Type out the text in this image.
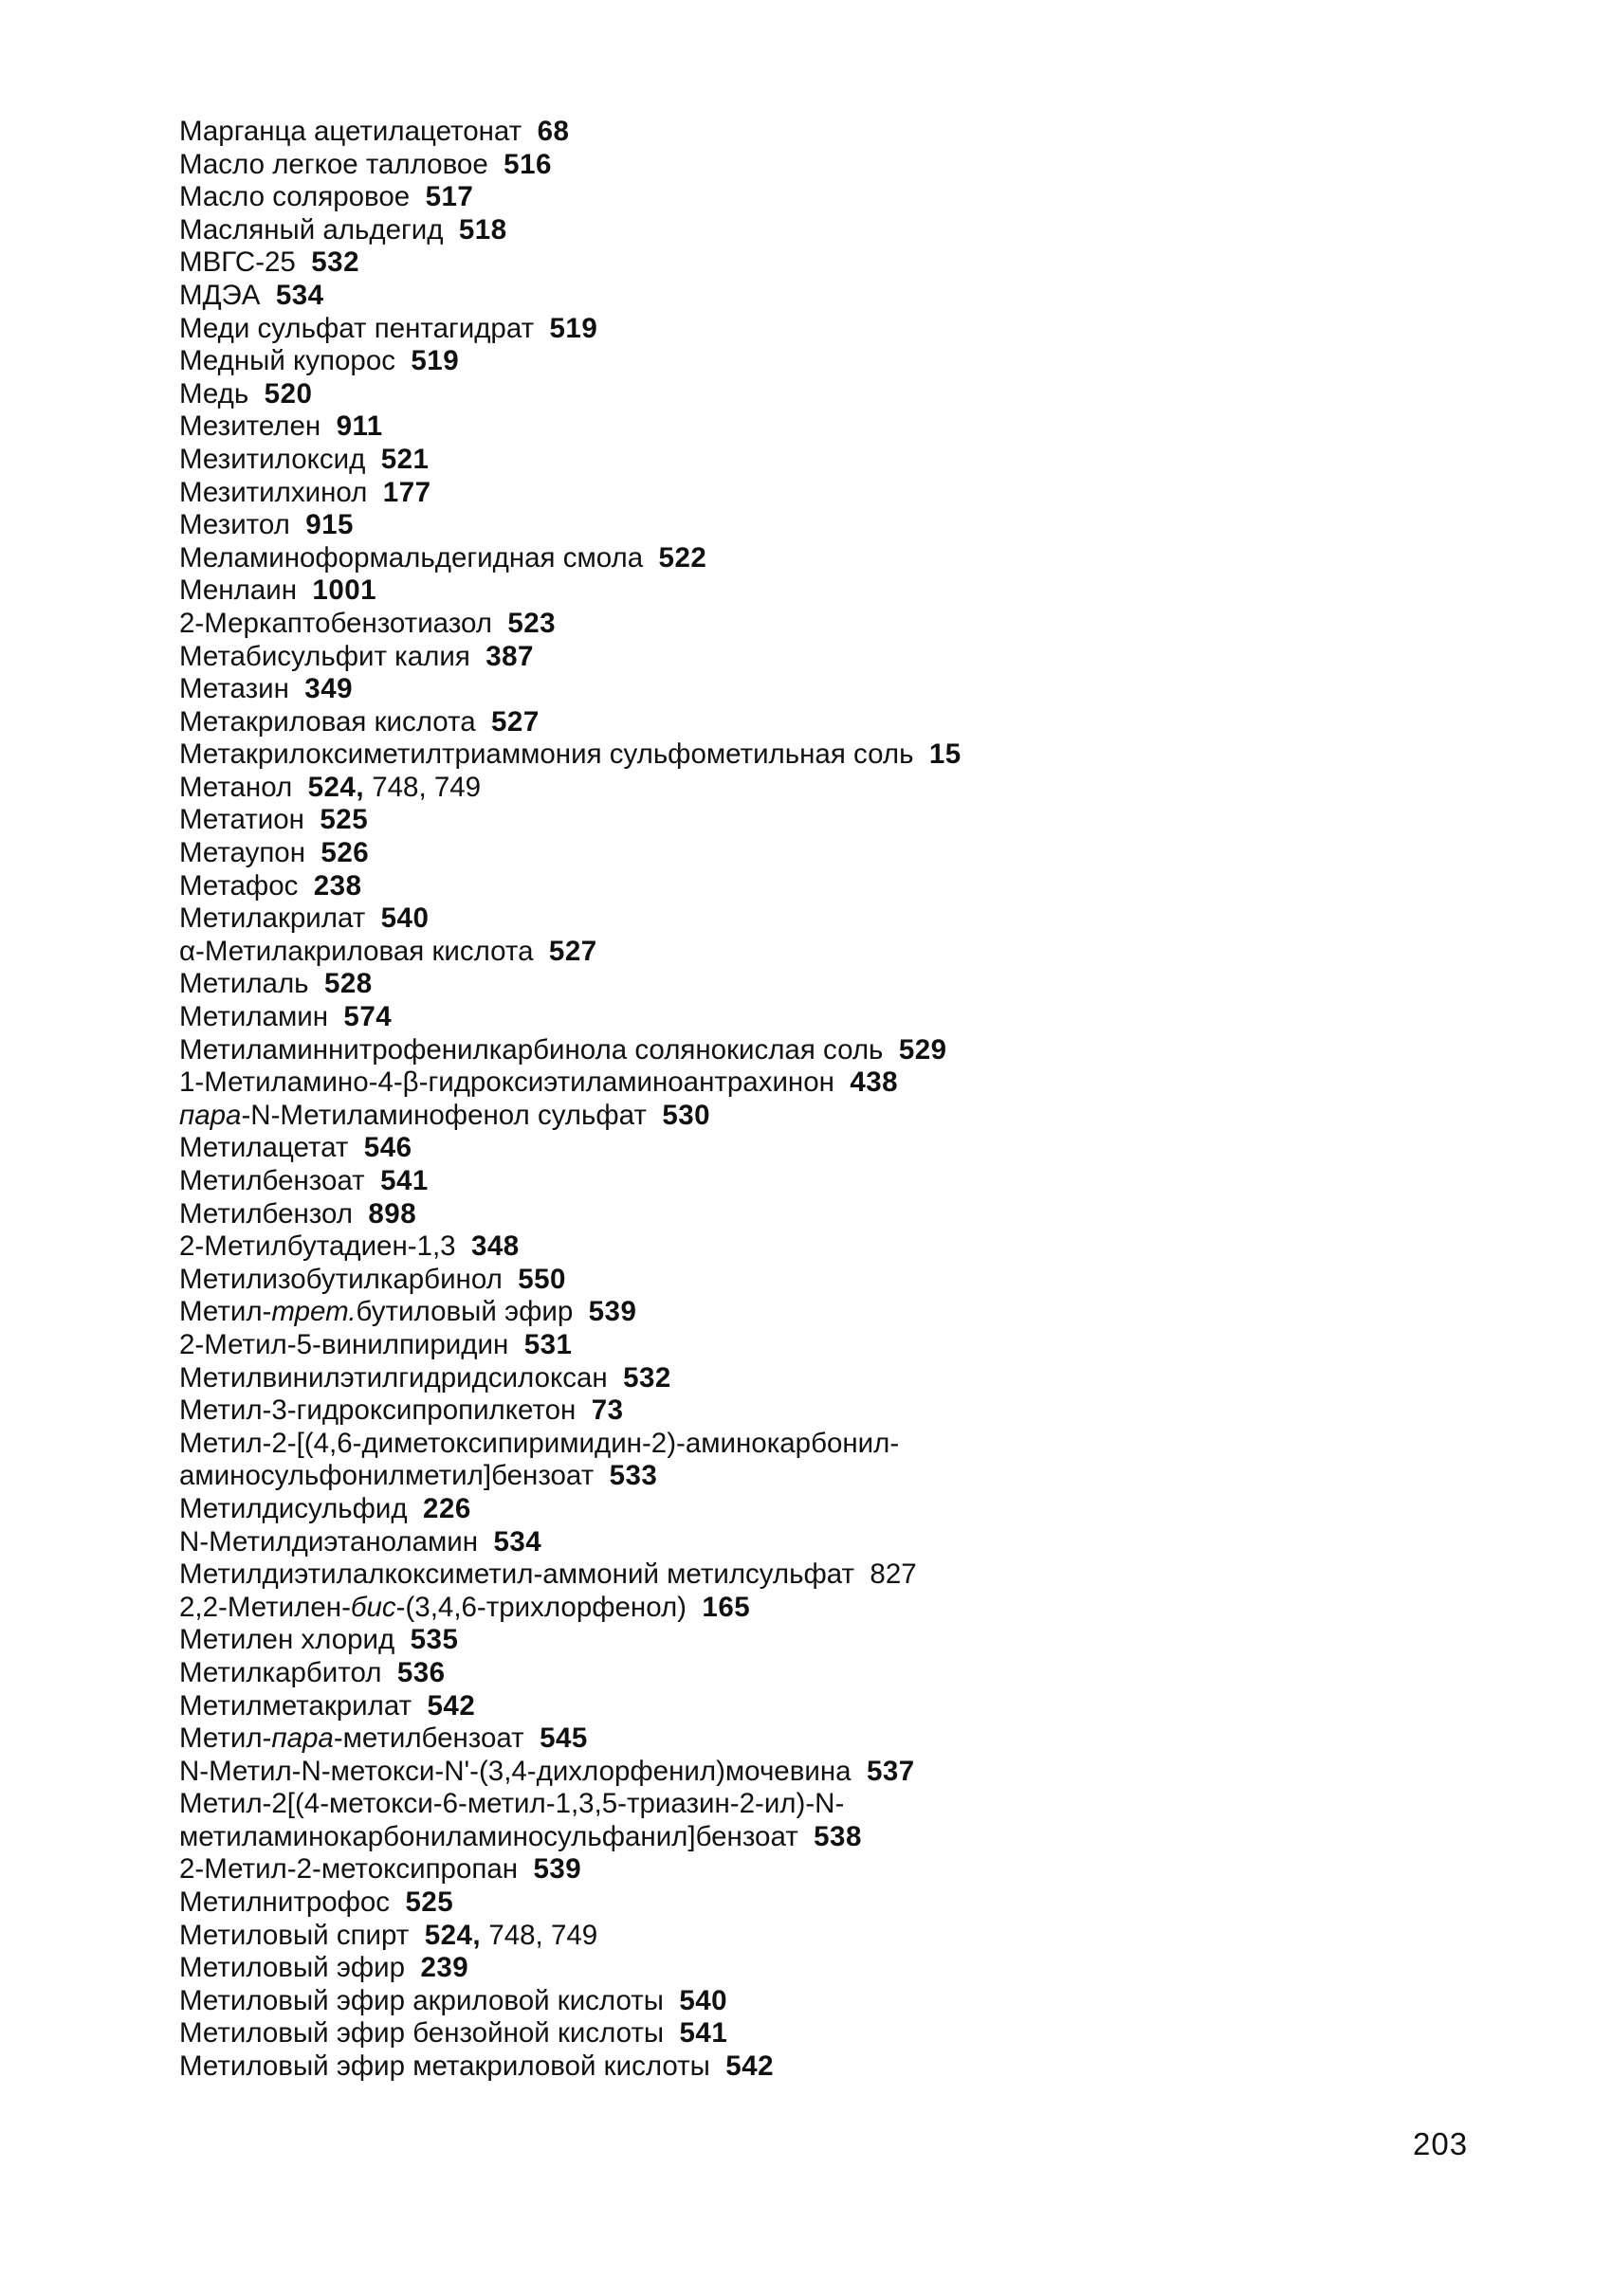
Марганца ацетилацетонат 68
Масло легкое талловое 516
Масло соляровое 517
Масляный альдегид 518
МВГС-25 532
МДЭА 534
Меди сульфат пентагидрат 519
Медный купорос 519
Медь 520
Мезителен 911
Мезитилоксид 521
Мезитилхинол 177
Мезитол 915
Меламиноформальдегидная смола 522
Менлаин 1001
2-Меркаптобензотиазол 523
Метабисульфит калия 387
Метазин 349
Метакриловая кислота 527
Метакрилоксиметилтриаммония сульфометильная соль 15
Метанол 524, 748, 749
Метатион 525
Метаупон 526
Метафос 238
Метилакрилат 540
α-Метилакриловая кислота 527
Метилаль 528
Метиламин 574
Метиламиннитрофенилкарбинола солянокислая соль 529
1-Метиламино-4-β-гидроксиэтиламиноантрахинон 438
пара-N-Метиламинофенол сульфат 530
Метилацетат 546
Метилбензоат 541
Метилбензол 898
2-Метилбутадиен-1,3 348
Метилизобутилкарбинол 550
Метил-трет.бутиловый эфир 539
2-Метил-5-винилпиридин 531
Метилвинилэтилгидридсилоксан 532
Метил-3-гидроксипропилкетон 73
Метил-2-[(4,6-диметоксипиримидин-2)-аминокарбонил-
аминосульфонилметил]бензоат 533
Метилдисульфид 226
N-Метилдиэтаноламин 534
Метилдиэтилалкоксиметил-аммоний метилсульфат 827
2,2-Метилен-бис-(3,4,6-трихлорфенол) 165
Метилен хлорид 535
Метилкарбитол 536
Метилметакрилат 542
Метил-пара-метилбензоат 545
N-Метил-N-метокси-N'-(3,4-дихлорфенил)мочевина 537
Метил-2[(4-метокси-6-метил-1,3,5-триазин-2-ил)-N-
метиламинокарбониламиносульфанил]бензоат 538
2-Метил-2-метоксипропан 539
Метилнитрофос 525
Метиловый спирт 524, 748, 749
Метиловый эфир 239
Метиловый эфир акриловой кислоты 540
Метиловый эфир бензойной кислоты 541
Метиловый эфир метакриловой кислоты 542
203
